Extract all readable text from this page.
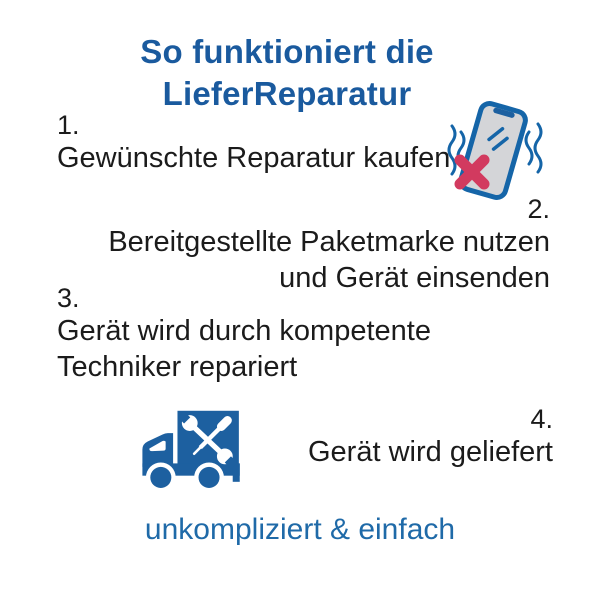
So funktioniert die
LieferReparatur
1.
Gewünschte Reparatur kaufen
2.
Bereitgestellte Paketmarke nutzen
und Gerät einsenden
3.
Gerät wird durch kompetente
Techniker repariert
4.
Gerät wird geliefert
unkompliziert & einfach
